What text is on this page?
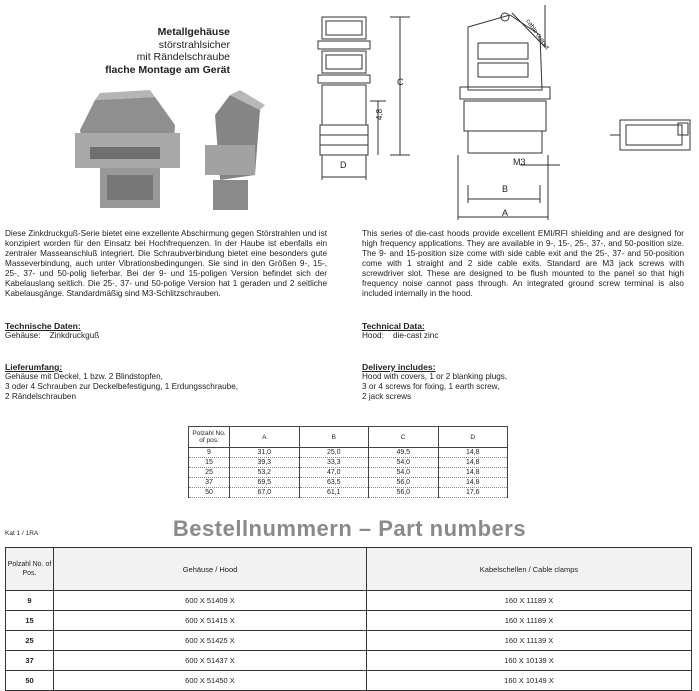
Metallgehäuse
störstrahlsicher
mit Rändelschraube
flache Montage am Gerät
C
4,8
D	M3
B
A
cable output
Diese Zinkdruckguß-Serie bietet eine exzellente Abschirmung gegen Störstrahlen und ist konzipiert worden für den Einsatz bei Hochfrequenzen. In der Haube ist ebenfalls ein zentraler Masseanschluß integriert. Die Schraubverbindung bietet eine besonders gute Masseverbindung, auch unter Vibrationsbedingungen. Sie sind in den Größen 9-, 15-, 25-, 37- und 50-polig lieferbar. Bei der 9- und 15-poligen Version befindet sich der Kabelauslang seitlich. Die 25-, 37- und 50-polige Version hat 1 geraden und 2 seitliche Kabelausgänge. Standardmäßig sind M3-Schlitzschrauben.
This series of die-cast hoods provide excellent EMI/RFI shielding and are designed for high frequency applications. They are available in 9-, 15-, 25-, 37-, and 50-position size. The 9- and 15-position size come with side cable exit and the 25-, 37- and 50-position come with 1 straight and 2 side cable exits. Standard are M3 jack screws with screwdriver slot. These are designed to be flush mounted to the panel so that high frequency noise cannot pass through. An integrated ground screw terminal is also included internally in the hood.
Technische Daten:
Gehäuse:    Zinkdruckguß
Technical Data:
Hood:    die-cast zinc
Lieferumfang:
Gehäuse mit Deckel, 1 bzw. 2 Blindstopfen,
3 oder 4 Schrauben zur Deckelbefestigung, 1 Erdungsschraube,
2 Rändelschrauben
Delivery includes:
Hood with covers, 1 or 2 blanking plugs,
3 or 4 screws for fixing, 1 earth screw,
2 jack screws
Polzahl No. of pos.	A	B	C	D
9	31,0	25,0	49,5	14,8
15	39,3	33,3	54,0	14,8
25	53,2	47,0	54,0	14,8
37	69,5	63,5	56,0	14,8
50	67,0	61,1	56,0	17,6
Kat 1 / 1RA	Bestellnummern – Part numbers
Polzahl No. of Pos.	Gehäuse / Hood	Kabelschellen / Cable clamps
9	600 X 51409 X	160 X 11189 X
15	600 X 51415 X	160 X 11189 X
25	600 X 51425 X	160 X 11139 X
37	600 X 51437 X	160 X 10139 X
50	600 X 51450 X	160 X 10149 X
